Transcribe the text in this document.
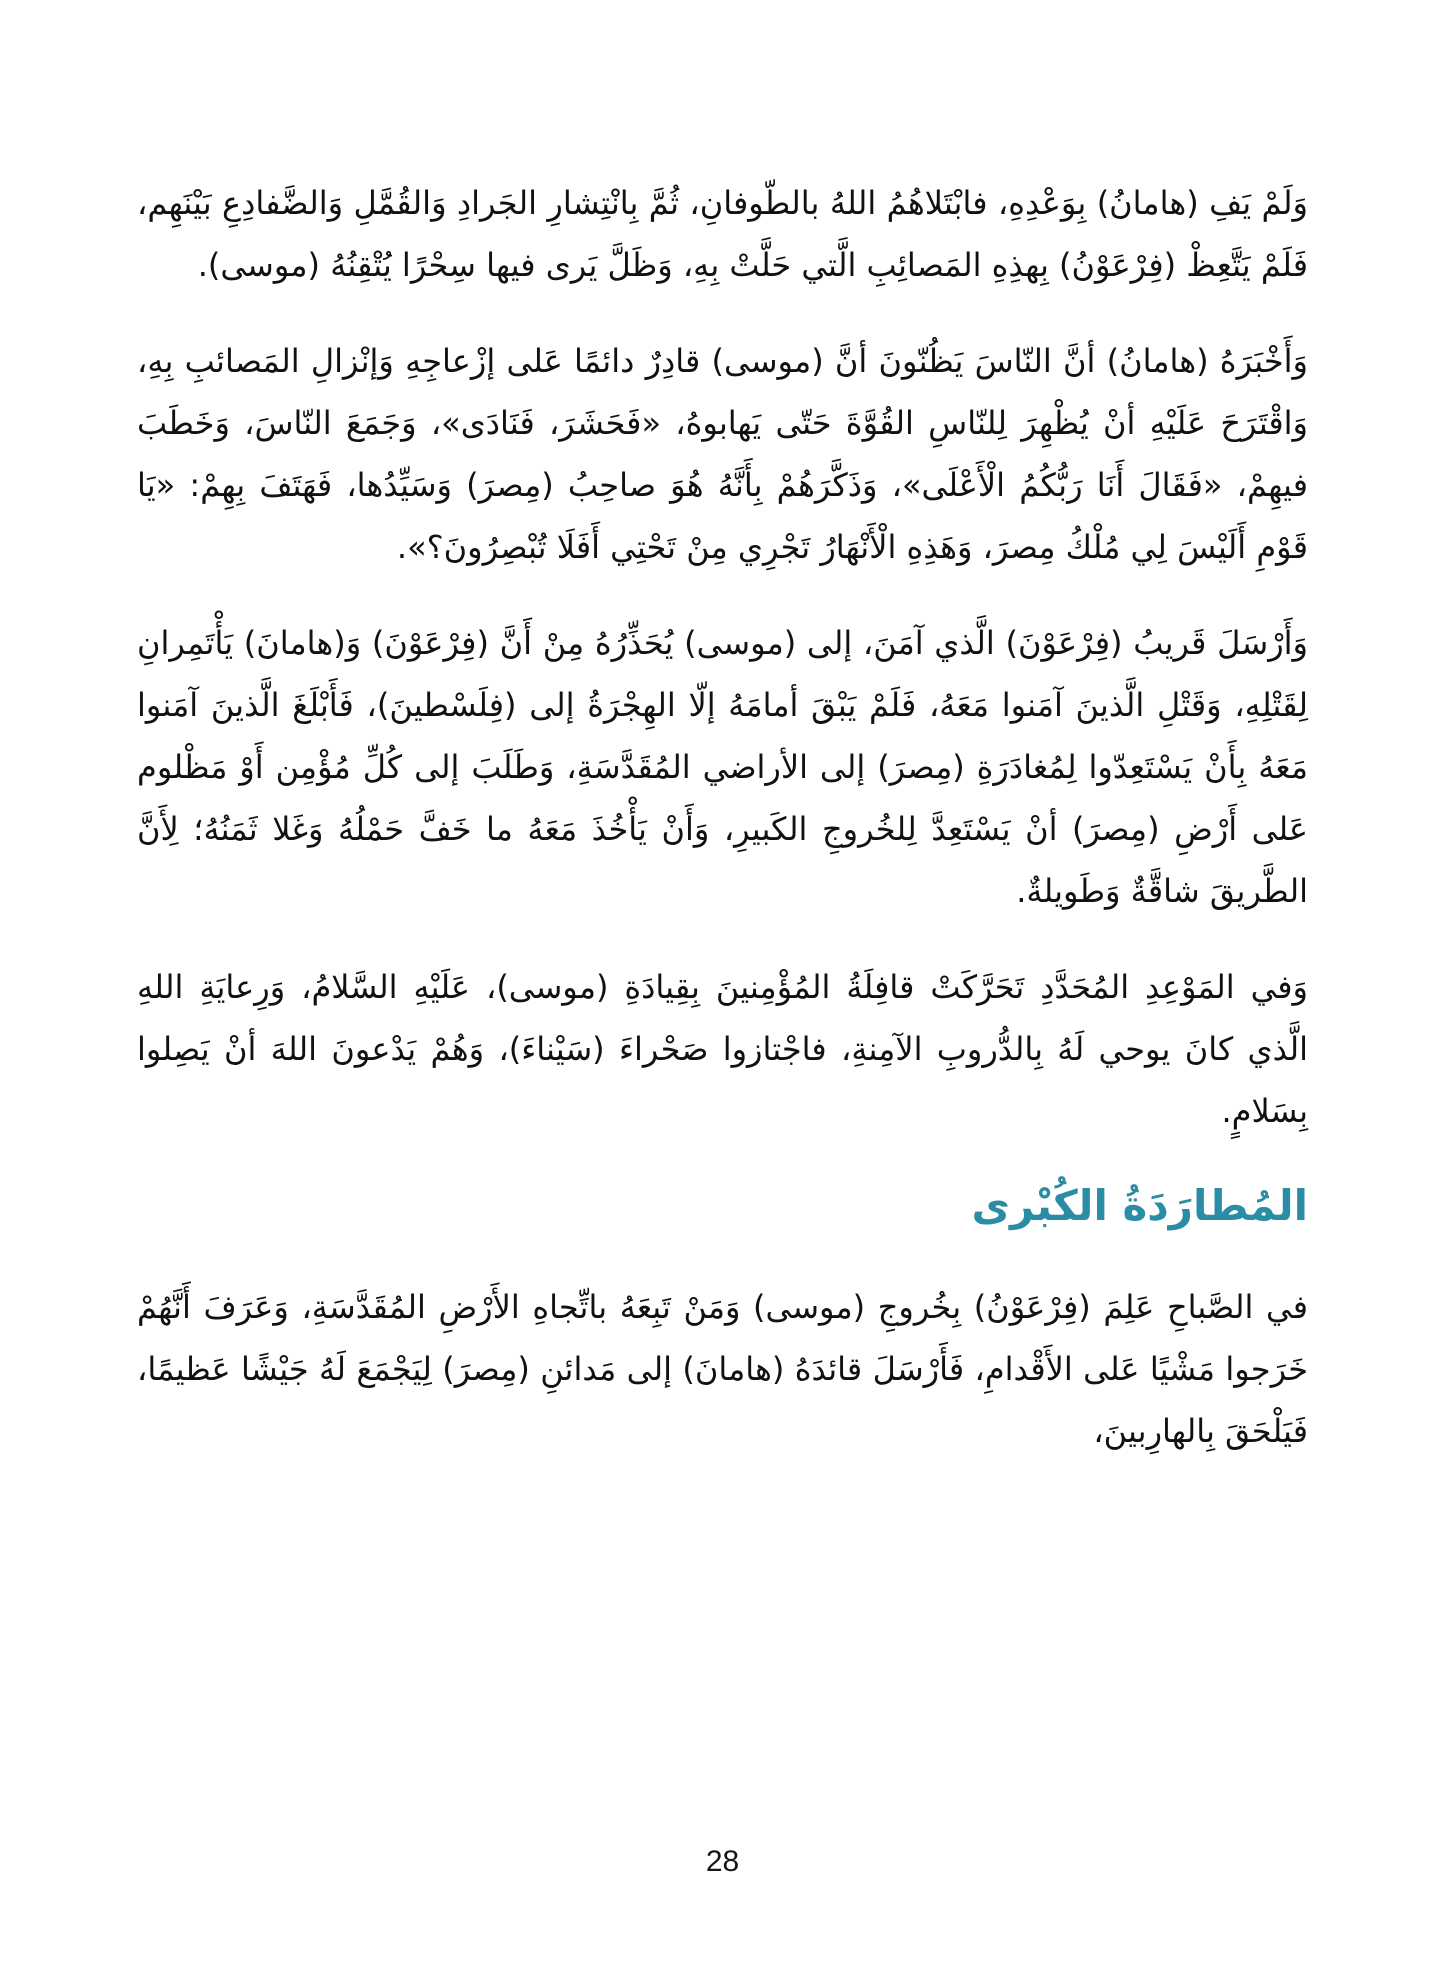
وَلَمْ يَفِ (هامانُ) بِوَعْدِهِ، فابْتَلاهُمُ اللهُ بالطّوفانِ، ثُمَّ بِانْتِشارِ الجَرادِ وَالقُمَّلِ وَالضَّفادِعِ بَيْنَهِم، فَلَمْ يَتَّعِظْ (فِرْعَوْنُ) بِهذِهِ المَصائِبِ الَّتي حَلَّتْ بِهِ، وَظَلَّ يَرى فيها سِحْرًا يُتْقِنُهُ (موسى).

وَأَخْبَرَهُ (هامانُ) أنَّ النّاسَ يَظُنّونَ أنَّ (موسى) قادِرٌ دائمًا عَلى إزْعاجِهِ وَإنْزالِ المَصائبِ بِهِ، وَاقْتَرَحَ عَلَيْهِ أنْ يُظْهِرَ لِلنّاسِ القُوَّةَ حَتّى يَهابوهُ، «فَحَشَرَ، فَنَادَى»، وَجَمَعَ النّاسَ، وَخَطَبَ فيهِمْ، «فَقَالَ أَنَا رَبُّكُمُ الْأَعْلَى»، وَذَكَّرَهُمْ بِأَنَّهُ هُوَ صاحِبُ (مِصرَ) وَسَيِّدُها، فَهَتَفَ بِهِمْ: «يَا قَوْمِ أَلَيْسَ لِي مُلْكُ مِصرَ، وَهَذِهِ الْأَنْهَارُ تَجْرِي مِنْ تَحْتِي أَفَلَا تُبْصِرُونَ؟».

وَأَرْسَلَ قَريبُ (فِرْعَوْنَ) الَّذي آمَنَ، إلى (موسى) يُحَذِّرُهُ مِنْ أَنَّ (فِرْعَوْنَ) وَ(هامانَ) يَأْتَمِرانِ لِقَتْلِهِ، وَقَتْلِ الَّذينَ آمَنوا مَعَهُ، فَلَمْ يَبْقَ أمامَهُ إلّا الهِجْرَةُ إلى (فِلَسْطينَ)، فَأَبْلَغَ الَّذينَ آمَنوا مَعَهُ بِأَنْ يَسْتَعِدّوا لِمُغادَرَةِ (مِصرَ) إلى الأراضي المُقَدَّسَةِ، وَطَلَبَ إلى كُلِّ مُؤْمِن أَوْ مَظْلوم عَلى أَرْضِ (مِصرَ) أنْ يَسْتَعِدَّ لِلخُروجِ الكَبيرِ، وَأَنْ يَأْخُذَ مَعَهُ ما خَفَّ حَمْلُهُ وَغَلا ثَمَنُهُ؛ لِأَنَّ الطَّريقَ شاقَّةٌ وَطَويلةٌ.

وَفي المَوْعِدِ المُحَدَّدِ تَحَرَّكَتْ قافِلَةُ المُؤْمِنينَ بِقِيادَةِ (موسى)، عَلَيْهِ السَّلامُ، وَرِعايَةِ اللهِ الَّذي كانَ يوحي لَهُ بِالدُّروبِ الآمِنةِ، فاجْتازوا صَحْراءَ (سَيْناءَ)، وَهُمْ يَدْعونَ اللهَ أنْ يَصِلوا بِسَلامٍ.

المُطارَدَةُ الكُبْرى

في الصَّباحِ عَلِمَ (فِرْعَوْنُ) بِخُروجِ (موسى) وَمَنْ تَبِعَهُ باتِّجاهِ الأَرْضِ المُقَدَّسَةِ، وَعَرَفَ أَنَّهُمْ خَرَجوا مَشْيًا عَلى الأَقْدامِ، فَأَرْسَلَ قائدَهُ (هامانَ) إلى مَدائنِ (مِصرَ) لِيَجْمَعَ لَهُ جَيْشًا عَظيمًا، فَيَلْحَقَ بِالهارِبينَ،

28
